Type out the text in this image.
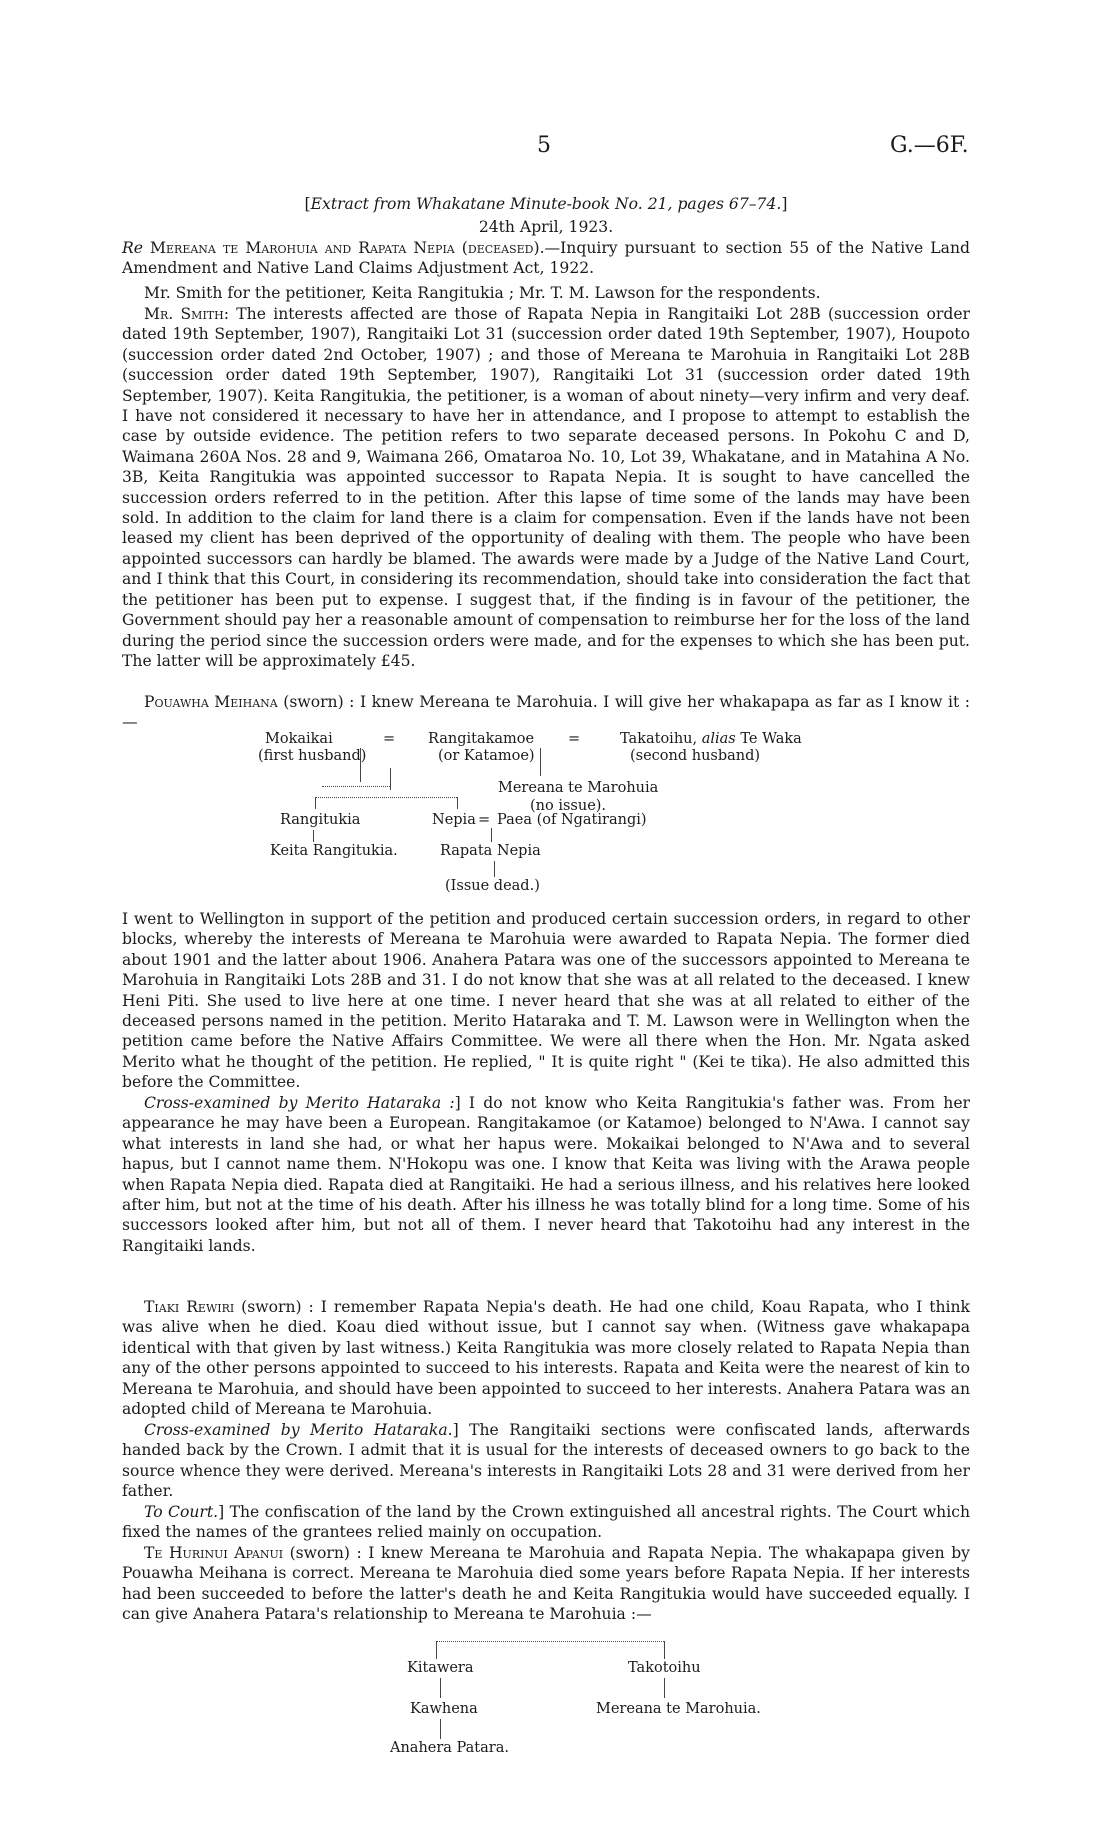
5	G.—6F.
[Extract from Whakatane Minute-book No. 21, pages 67–74.]
24th April, 1923.
Re Mereana te Marohuia and Rapata Nepia (deceased).—Inquiry pursuant to section 55 of the Native Land Amendment and Native Land Claims Adjustment Act, 1922.
Mr. Smith for the petitioner, Keita Rangitukia ; Mr. T. M. Lawson for the respondents.
Mr. Smith: The interests affected are those of Rapata Nepia in Rangitaiki Lot 28B (succession order dated 19th September, 1907), Rangitaiki Lot 31 (succession order dated 19th September, 1907), Houpoto (succession order dated 2nd October, 1907) ; and those of Mereana te Marohuia in Rangitaiki Lot 28B (succession order dated 19th September, 1907), Rangitaiki Lot 31 (succession order dated 19th September, 1907). Keita Rangitukia, the petitioner, is a woman of about ninety—very infirm and very deaf. I have not considered it necessary to have her in attendance, and I propose to attempt to establish the case by outside evidence. The petition refers to two separate deceased persons. In Pokohu C and D, Waimana 260A Nos. 28 and 9, Waimana 266, Omataroa No. 10, Lot 39, Whakatane, and in Matahina A No. 3B, Keita Rangitukia was appointed successor to Rapata Nepia. It is sought to have cancelled the succession orders referred to in the petition. After this lapse of time some of the lands may have been sold. In addition to the claim for land there is a claim for compensation. Even if the lands have not been leased my client has been deprived of the opportunity of dealing with them. The people who have been appointed successors can hardly be blamed. The awards were made by a Judge of the Native Land Court, and I think that this Court, in considering its recommendation, should take into consideration the fact that the petitioner has been put to expense. I suggest that, if the finding is in favour of the petitioner, the Government should pay her a reasonable amount of compensation to reimburse her for the loss of the land during the period since the succession orders were made, and for the expenses to which she has been put. The latter will be approximately £45.
Pouawha Meihana (sworn) : I knew Mereana te Marohuia. I will give her whakapapa as far as I know it :—
Mokaikai
(first husband)
= Rangitakamoe
(or Katamoe)
=	Takatoihu, alias Te Waka
(second husband)
Mereana te Marohuia
(no issue).
Rangitukia	Nepia = Paea (of Ngatirangi)
Keita Rangitukia.	Rapata Nepia
(Issue dead.)
I went to Wellington in support of the petition and produced certain succession orders, in regard to other blocks, whereby the interests of Mereana te Marohuia were awarded to Rapata Nepia. The former died about 1901 and the latter about 1906. Anahera Patara was one of the successors appointed to Mereana te Marohuia in Rangitaiki Lots 28B and 31. I do not know that she was at all related to the deceased. I knew Heni Piti. She used to live here at one time. I never heard that she was at all related to either of the deceased persons named in the petition. Merito Hataraka and T. M. Lawson were in Wellington when the petition came before the Native Affairs Committee. We were all there when the Hon. Mr. Ngata asked Merito what he thought of the petition. He replied, " It is quite right " (Kei te tika). He also admitted this before the Committee.
Cross-examined by Merito Hataraka :] I do not know who Keita Rangitukia's father was. From her appearance he may have been a European. Rangitakamoe (or Katamoe) belonged to N'Awa. I cannot say what interests in land she had, or what her hapus were. Mokaikai belonged to N'Awa and to several hapus, but I cannot name them. N'Hokopu was one. I know that Keita was living with the Arawa people when Rapata Nepia died. Rapata died at Rangitaiki. He had a serious illness, and his relatives here looked after him, but not at the time of his death. After his illness he was totally blind for a long time. Some of his successors looked after him, but not all of them. I never heard that Takotoihu had any interest in the Rangitaiki lands.
Tiaki Rewiri (sworn) : I remember Rapata Nepia's death. He had one child, Koau Rapata, who I think was alive when he died. Koau died without issue, but I cannot say when. (Witness gave whakapapa identical with that given by last witness.) Keita Rangitukia was more closely related to Rapata Nepia than any of the other persons appointed to succeed to his interests. Rapata and Keita were the nearest of kin to Mereana te Marohuia, and should have been appointed to succeed to her interests. Anahera Patara was an adopted child of Mereana te Marohuia.
Cross-examined by Merito Hataraka.] The Rangitaiki sections were confiscated lands, afterwards handed back by the Crown. I admit that it is usual for the interests of deceased owners to go back to the source whence they were derived. Mereana's interests in Rangitaiki Lots 28 and 31 were derived from her father.
To Court.] The confiscation of the land by the Crown extinguished all ancestral rights. The Court which fixed the names of the grantees relied mainly on occupation.
Te Hurinui Apanui (sworn) : I knew Mereana te Marohuia and Rapata Nepia. The whakapapa given by Pouawha Meihana is correct. Mereana te Marohuia died some years before Rapata Nepia. If her interests had been succeeded to before the latter's death he and Keita Rangitukia would have succeeded equally. I can give Anahera Patara's relationship to Mereana te Marohuia :—
Kitawera	Takotoihu
Kawhena	Mereana te Marohuia.
Anahera Patara.
